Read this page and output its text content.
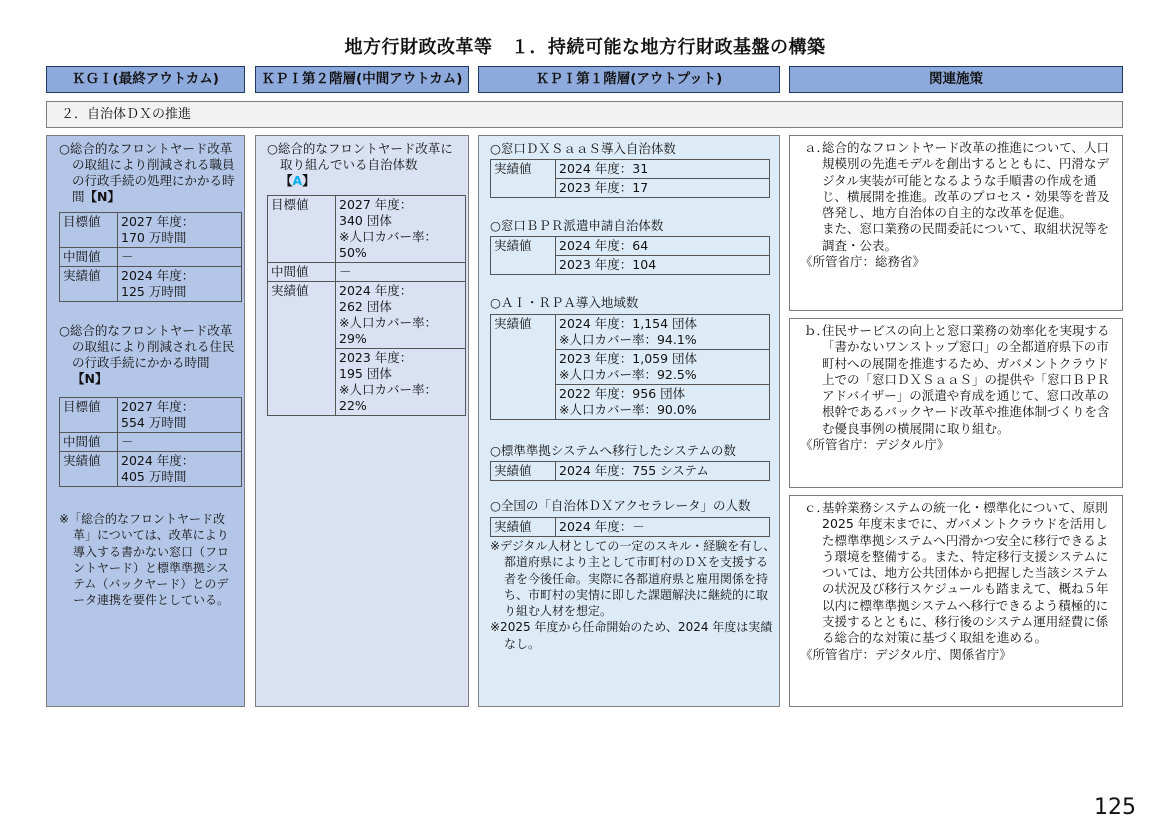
地方行財政改革等　１．持続可能な地方行財政基盤の構築
ＫＧＩ(最終アウトカム)	ＫＰＩ第２階層(中間アウトカム)	ＫＰＩ第１階層(アウトプット)	関連施策
２．自治体ＤＸの推進
○総合的なフロントヤード改革の取組により削減される職員の行政手続の処理にかかる時間【N】
目標値	2027 年度：
170 万時間
中間値	－
実績値	2024 年度：
125 万時間
○総合的なフロントヤード改革の取組により削減される住民の行政手続にかかる時間【N】
目標値	2027 年度：
554 万時間
中間値	－
実績値	2024 年度：
405 万時間
※「総合的なフロントヤード改革」については、改革により導入する書かない窓口（フロントヤード）と標準準拠システム（バックヤード）とのデータ連携を要件としている。
○総合的なフロントヤード改革に取り組んでいる自治体数
【A】
目標値	2027 年度：
340 団体
※人口カバー率：
50%
中間値	－
実績値	2024 年度：
262 団体
※人口カバー率：
29%
	2023 年度：
195 団体
※人口カバー率：
22%
○窓口ＤＸＳａａＳ導入自治体数
実績値	2024 年度：31
2023 年度：17
○窓口ＢＰＲ派遣申請自治体数
実績値	2024 年度：64
2023 年度：104
○ＡＩ・ＲＰＡ導入地域数
実績値	2024 年度：1,154 団体
※人口カバー率：94.1%
2023 年度：1,059 団体
※人口カバー率：92.5%
2022 年度：956 団体
※人口カバー率：90.0%
○標準準拠システムへ移行したシステムの数
実績値	2024 年度：755 システム
○全国の「自治体ＤＸアクセラレータ」の人数
実績値	2024 年度：－
※デジタル人材としての一定のスキル・経験を有し、都道府県により主として市町村のＤＸを支援する者を今後任命。実際に各都道府県と雇用関係を持ち、市町村の実情に即した課題解決に継続的に取り組む人材を想定。
※2025 年度から任命開始のため、2024 年度は実績なし。
ａ．
総合的なフロントヤード改革の推進について、人口規模別の先進モデルを創出するとともに、円滑なデジタル実装が可能となるような手順書の作成を通じ、横展開を推進。改革のプロセス・効果等を普及啓発し、地方自治体の自主的な改革を促進。
また、窓口業務の民間委託について、取組状況等を調査・公表。
《所管省庁：総務省》
ｂ．
住民サービスの向上と窓口業務の効率化を実現する「書かないワンストップ窓口」の全都道府県下の市町村への展開を推進するため、ガバメントクラウド上での「窓口ＤＸＳａａＳ」の提供や「窓口ＢＰＲアドバイザー」の派遣や育成を通じて、窓口改革の根幹であるバックヤード改革や推進体制づくりを含む優良事例の横展開に取り組む。
《所管省庁：デジタル庁》
ｃ．
基幹業務システムの統一化・標準化について、原則 2025 年度末までに、ガバメントクラウドを活用した標準準拠システムへ円滑かつ安全に移行できるよう環境を整備する。また、特定移行支援システムについては、地方公共団体から把握した当該システムの状況及び移行スケジュールも踏まえて、概ね５年以内に標準準拠システムへ移行できるよう積極的に支援するとともに、移行後のシステム運用経費に係る総合的な対策に基づく取組を進める。
《所管省庁：デジタル庁、関係省庁》
125
